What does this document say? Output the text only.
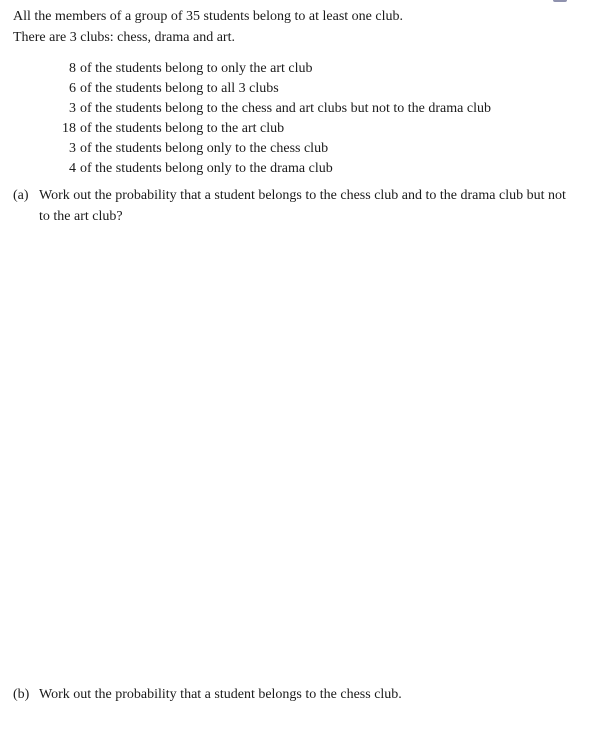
All the members of a group of 35 students belong to at least one club.
There are 3 clubs: chess, drama and art.
8 of the students belong to only the art club
6 of the students belong to all 3 clubs
3 of the students belong to the chess and art clubs but not to the drama club
18 of the students belong to the art club
3 of the students belong only to the chess club
4 of the students belong only to the drama club
(a) Work out the probability that a student belongs to the chess club and to the drama club but not to the art club?
(b) Work out the probability that a student belongs to the chess club.
